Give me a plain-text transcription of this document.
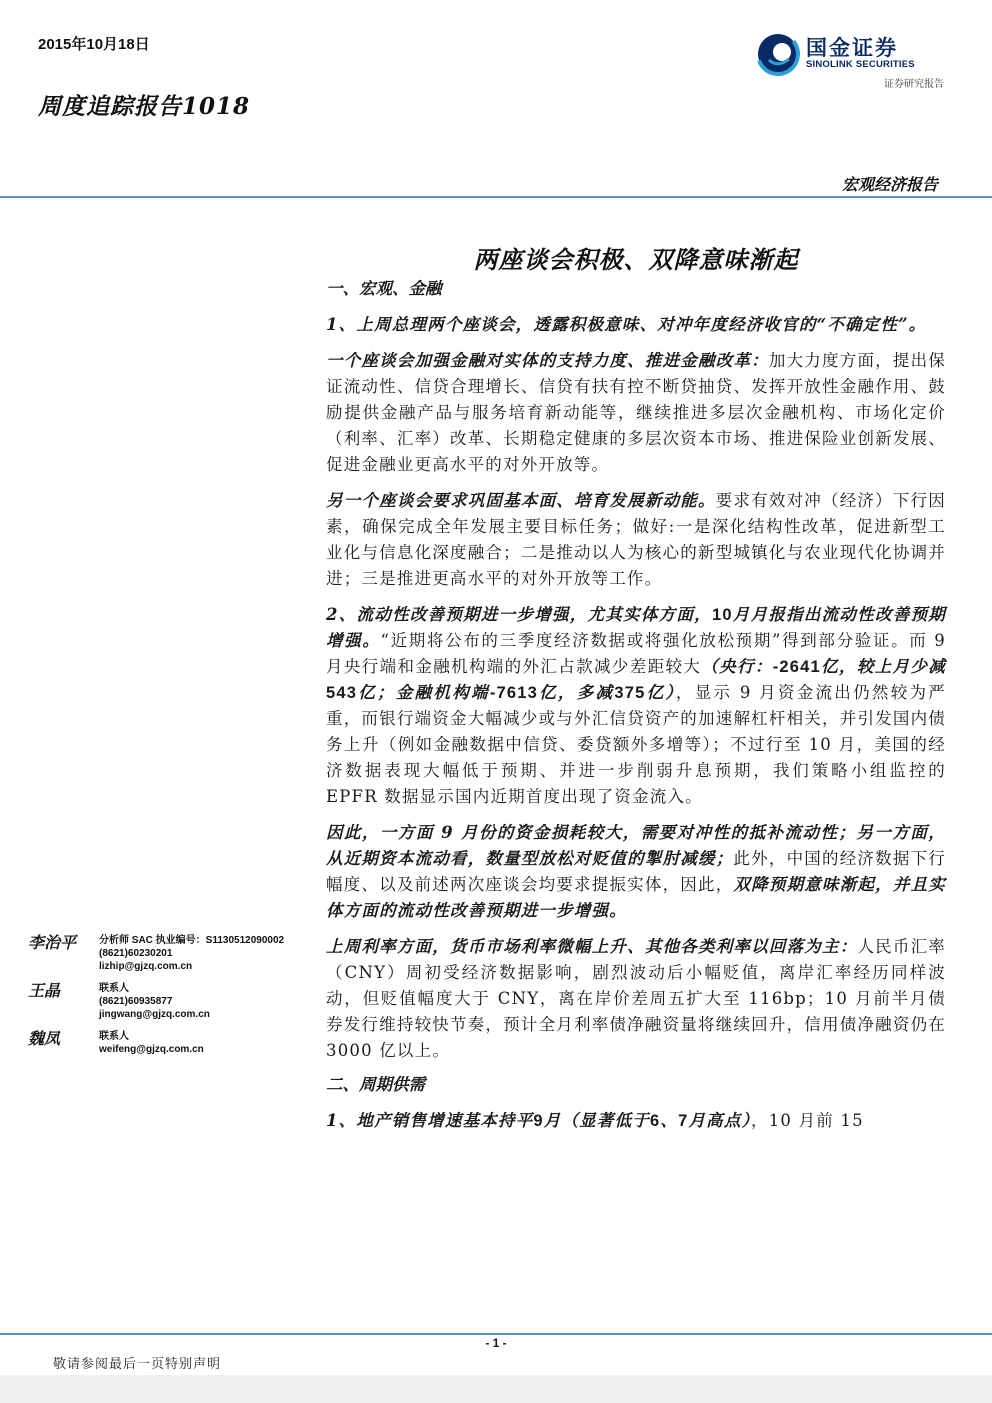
2015年10月18日
周度追踪报告1018
国金证券
SINOLINK SECURITIES
证券研究报告
宏观经济报告
两座谈会积极、双降意味渐起
一、宏观、金融
1、上周总理两个座谈会，透露积极意味、对冲年度经济收官的“不确定性”。
一个座谈会加强金融对实体的支持力度、推进金融改革：加大力度方面，提出保证流动性、信贷合理增长、信贷有扶有控不断贷抽贷、发挥开放性金融作用、鼓励提供金融产品与服务培育新动能等，继续推进多层次金融机构、市场化定价（利率、汇率）改革、长期稳定健康的多层次资本市场、推进保险业创新发展、促进金融业更高水平的对外开放等。
另一个座谈会要求巩固基本面、培育发展新动能。要求有效对冲（经济）下行因素，确保完成全年发展主要目标任务；做好:一是深化结构性改革，促进新型工业化与信息化深度融合；二是推动以人为核心的新型城镇化与农业现代化协调并进；三是推进更高水平的对外开放等工作。
2、流动性改善预期进一步增强，尤其实体方面，10月月报指出流动性改善预期增强。“近期将公布的三季度经济数据或将强化放松预期”得到部分验证。而 9 月央行端和金融机构端的外汇占款减少差距较大（央行：-2641亿，较上月少减543亿；金融机构端-7613亿，多减375亿），显示 9 月资金流出仍然较为严重，而银行端资金大幅减少或与外汇信贷资产的加速解杠杆相关，并引发国内债务上升（例如金融数据中信贷、委贷额外多增等）；不过行至 10 月，美国的经济数据表现大幅低于预期、并进一步削弱升息预期，我们策略小组监控的 EPFR 数据显示国内近期首度出现了资金流入。
因此，一方面 9 月份的资金损耗较大，需要对冲性的抵补流动性；另一方面，从近期资本流动看，数量型放松对贬值的掣肘减缓；此外，中国的经济数据下行幅度、以及前述两次座谈会均要求提振实体，因此，双降预期意味渐起，并且实体方面的流动性改善预期进一步增强。
上周利率方面，货币市场利率微幅上升、其他各类利率以回落为主：人民币汇率（CNY）周初受经济数据影响，剧烈波动后小幅贬值，离岸汇率经历同样波动，但贬值幅度大于 CNY，离在岸价差周五扩大至 116bp；10 月前半月债券发行维持较快节奏，预计全月利率债净融资量将继续回升，信用债净融资仍在 3000 亿以上。
二、周期供需
1、地产销售增速基本持平9月（显著低于6、7月高点），10 月前 15
李治平 分析师 SAC 执业编号：S1130512090002
(8621)60230201
lizhip@gjzq.com.cn
王晶	联系人
(8621)60935877
jingwang@gjzq.com.cn
魏凤	联系人
weifeng@gjzq.com.cn
- 1 -
敬请参阅最后一页特别声明
